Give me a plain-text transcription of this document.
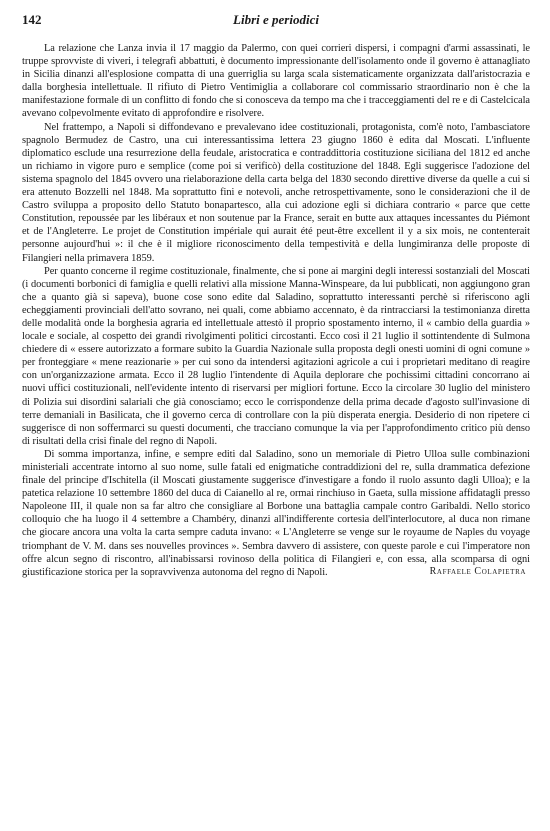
142	Libri e periodici

La relazione che Lanza invia il 17 maggio da Palermo, con quei corrieri dispersi, i compagni d'armi assassinati, le truppe sprovviste di viveri, i telegrafi abbattuti, è documento impressionante dell'isolamento onde il governo è attanagliato in Sicilia dinanzi all'esplosione compatta di una guerriglia su larga scala sistematicamente organizzata dall'aristocrazia e dalla borghesia intellettuale. Il rifiuto di Pietro Ventimiglia a collaborare col commissario straordinario non è che la manifestazione formale di un conflitto di fondo che si conosceva da tempo ma che i tracceggiamenti del re e di Castelcicala avevano colpevolmente evitato di approfondire e risolvere.

Nel frattempo, a Napoli si diffondevano e prevalevano idee costituzionali, protagonista, com'è noto, l'ambasciatore spagnolo Bermudez de Castro, una cui interessantissima lettera 23 giugno 1860 è edita dal Moscati. L'influente diplomatico esclude una resurrezione della feudale, aristocratica e contraddittoria costituzione siciliana del 1812 ed anche un richiamo in vigore puro e semplice (come poi si verificò) della costituzione del 1848. Egli suggerisce l'adozione del sistema spagnolo del 1845 ovvero una rielaborazione della carta belga del 1830 secondo direttive diverse da quelle a cui si era attenuto Bozzelli nel 1848. Ma soprattutto fini e notevoli, anche retrospettivamente, sono le considerazioni che il de Castro sviluppa a proposito dello Statuto bonapartesco, alla cui adozione egli si dichiara contrario « parce que cette Constitution, repoussée par les libéraux et non soutenue par la France, serait en butte aux attaques incessantes du Piémont et de l'Angleterre. Le projet de Constitution impériale qui aurait été peut-être excellent il y a six mois, ne contenterait personne aujourd'hui »: il che è il migliore riconoscimento della tempestività e della lungimiranza delle proposte di Filangieri nella primavera 1859.

Per quanto concerne il regime costituzionale, finalmente, che si pone ai margini degli interessi sostanziali del Moscati (i documenti borbonici di famiglia e quelli relativi alla missione Manna-Winspeare, da lui pubblicati, non aggiungono gran che a quanto già si sapeva), buone cose sono edite dal Saladino, soprattutto interessanti perchè si riferiscono agli echeggiamenti provinciali dell'atto sovrano, nei quali, come abbiamo accennato, è da rintracciarsi la testimonianza diretta delle modalità onde la borghesia agraria ed intellettuale attestò il proprio spostamento interno, il « cambio della guardia » locale e sociale, al cospetto dei grandi rivolgimenti politici circostanti. Ecco così il 21 luglio il sottintendente di Sulmona chiedere di « essere autorizzato a formare subito la Guardia Nazionale sulla proposta degli onesti uomini di ogni comune » per fronteggiare « mene reazionarie » per cui sono da intendersi agitazioni agricole a cui i proprietari meditano di reagire con un'organizzazione armata. Ecco il 28 luglio l'intendente di Aquila deplorare che pochissimi cittadini concorrano ai nuovi uffici costituzionali, nell'evidente intento di riservarsi per migliori fortune. Ecco la circolare 30 luglio del ministero di Polizia sui disordini salariali che già conosciamo; ecco le corrispondenze della prima decade d'agosto sull'invasione di terre demaniali in Basilicata, che il governo cerca di controllare con la più disperata energia. Desiderio di non ripetere ci suggerisce di non soffermarci su questi documenti, che tracciano comunque la via per l'approfondimento critico più denso di risultati della crisi finale del regno di Napoli.

Di somma importanza, infine, e sempre editi dal Saladino, sono un memoriale di Pietro Ulloa sulle combinazioni ministeriali accentrate intorno al suo nome, sulle fatali ed enigmatiche contraddizioni del re, sulla drammatica defezione finale del principe d'Ischitella (il Moscati giustamente suggerisce d'investigare a fondo il ruolo assunto dagli Ulloa); e la patetica relazione 10 settembre 1860 del duca di Caianello al re, ormai rinchiuso in Gaeta, sulla missione affidatagli presso Napoleone III, il quale non sa far altro che consigliare al Borbone una battaglia campale contro Garibaldi. Nello storico colloquio che ha luogo il 4 settembre a Chambéry, dinanzi all'indifferente cortesia dell'interlocutore, al duca non rimane che giocare ancora una volta la carta sempre caduta invano: « L'Angleterre se venge sur le royaume de Naples du voyage triomphant de V. M. dans ses nouvelles provinces ». Sembra davvero di assistere, con queste parole e cui l'imperatore non offre alcun segno di riscontro, all'inabissarsi rovinoso della politica di Filangieri e, con essa, alla scomparsa di ogni giustificazione storica per la sopravvivenza autonoma del regno di Napoli.	Raffaele Colapietra
